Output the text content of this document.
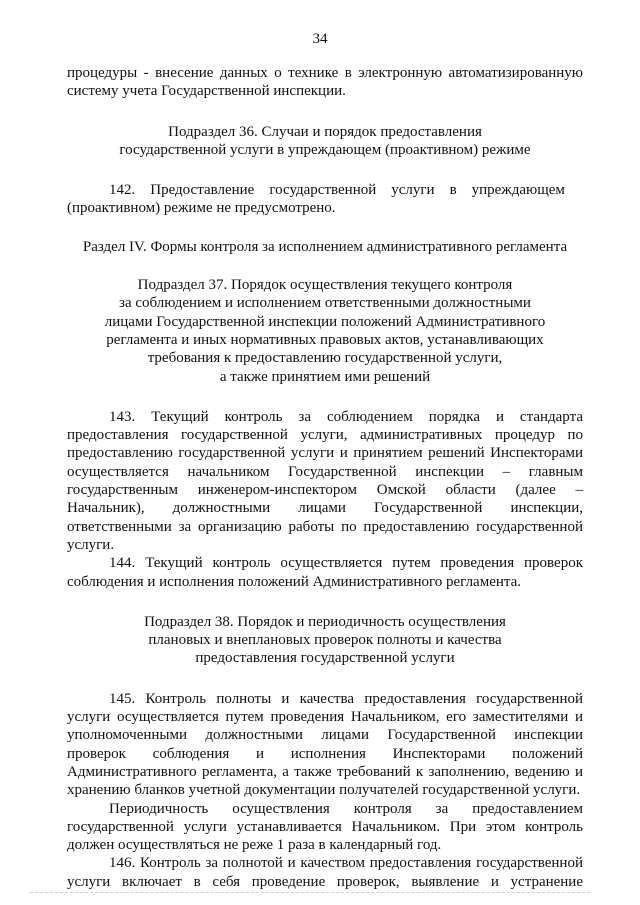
34

процедуры - внесение данных о технике в электронную автоматизированную
систему учета Государственной инспекции.

Подраздел 36. Случаи и порядок предоставления
государственной услуги в упреждающем (проактивном) режиме

142.    Предоставление    государственной    услуги    в    упреждающем
(проактивном) режиме не предусмотрено.

Раздел IV. Формы контроля за исполнением административного регламента

Подраздел 37. Порядок осуществления текущего контроля
за соблюдением и исполнением ответственными должностными
лицами Государственной инспекции положений Административного
регламента и иных нормативных правовых актов, устанавливающих
требования к предоставлению государственной услуги,
а также принятием ими решений

143. Текущий контроль за соблюдением порядка и стандарта предоставления государственной услуги, административных процедур по предоставлению государственной услуги и принятием решений Инспекторами осуществляется начальником Государственной инспекции – главным государственным инженером-инспектором Омской области (далее – Начальник), должностными лицами Государственной инспекции, ответственными за организацию работы по предоставлению государственной услуги.

144. Текущий контроль осуществляется путем проведения проверок соблюдения и исполнения положений Административного регламента.

Подраздел 38. Порядок и периодичность осуществления
плановых и внеплановых проверок полноты и качества
предоставления государственной услуги

145. Контроль полноты и качества предоставления государственной услуги осуществляется путем проведения Начальником, его заместителями и уполномоченными должностными лицами Государственной инспекции проверок соблюдения и исполнения Инспекторами положений Административного регламента, а также требований к заполнению, ведению и хранению бланков учетной документации получателей государственной услуги.

Периодичность осуществления контроля за предоставлением государственной услуги устанавливается Начальником. При этом контроль должен осуществляться не реже 1 раза в календарный год.

146. Контроль за полнотой и качеством предоставления государственной услуги включает в себя проведение проверок, выявление и устранение
